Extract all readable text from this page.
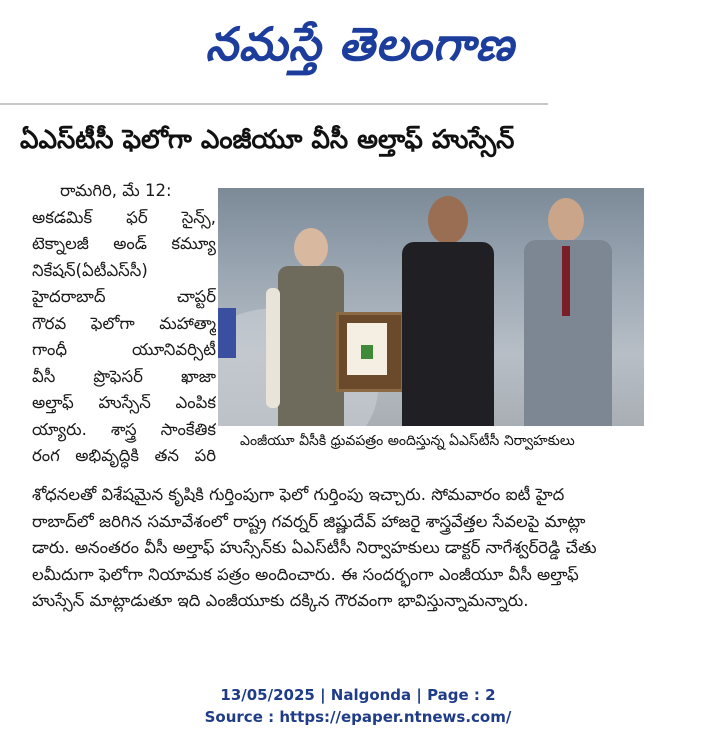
నమస్తే తెలంగాణ
ఏఎస్‌టీసీ ఫెలోగా ఎంజీయూ వీసీ అల్తాఫ్ హుస్సేన్
రామగిరి, మే 12:
అకడమిక్ ఫర్ సైన్స్,
టెక్నాలజీ అండ్ కమ్యూ
నికేషన్(ఏటీఎస్‌సీ)
హైదరాబాద్ చాప్టర్
గౌరవ ఫెలోగా మహాత్మా
గాంధీ యూనివర్సిటీ
వీసీ ప్రొఫెసర్ ఖాజా
అల్తాఫ్ హుస్సేన్ ఎంపిక
య్యారు. శాస్త్ర సాంకేతిక
రంగ అభివృద్ధికి తన పరి
ఎంజీయూ వీసీకి ధ్రువపత్రం అందిస్తున్న ఏఎస్‌టీసీ నిర్వాహకులు
శోధనలతో విశేషమైన కృషికి గుర్తింపుగా ఫెలో గుర్తింపు ఇచ్చారు. సోమవారం ఐటీ హైద
రాబాద్‌లో జరిగిన సమావేశంలో రాష్ట్ర గవర్నర్ జిష్ణుదేవ్ హాజరై శాస్త్రవేత్తల సేవలపై మాట్లా
డారు. అనంతరం వీసీ అల్తాఫ్ హుస్సేన్‌కు ఏఎస్‌టీసీ నిర్వాహకులు డాక్టర్ నాగేశ్వర్‌రెడ్డి చేతు
లమీదుగా ఫెలోగా నియామక పత్రం అందించారు. ఈ సందర్భంగా ఎంజీయూ వీసీ అల్తాఫ్
హుస్సేన్ మాట్లాడుతూ ఇది ఎంజీయూకు దక్కిన గౌరవంగా భావిస్తున్నామన్నారు.
13/05/2025 | Nalgonda | Page : 2
Source : https://epaper.ntnews.com/
